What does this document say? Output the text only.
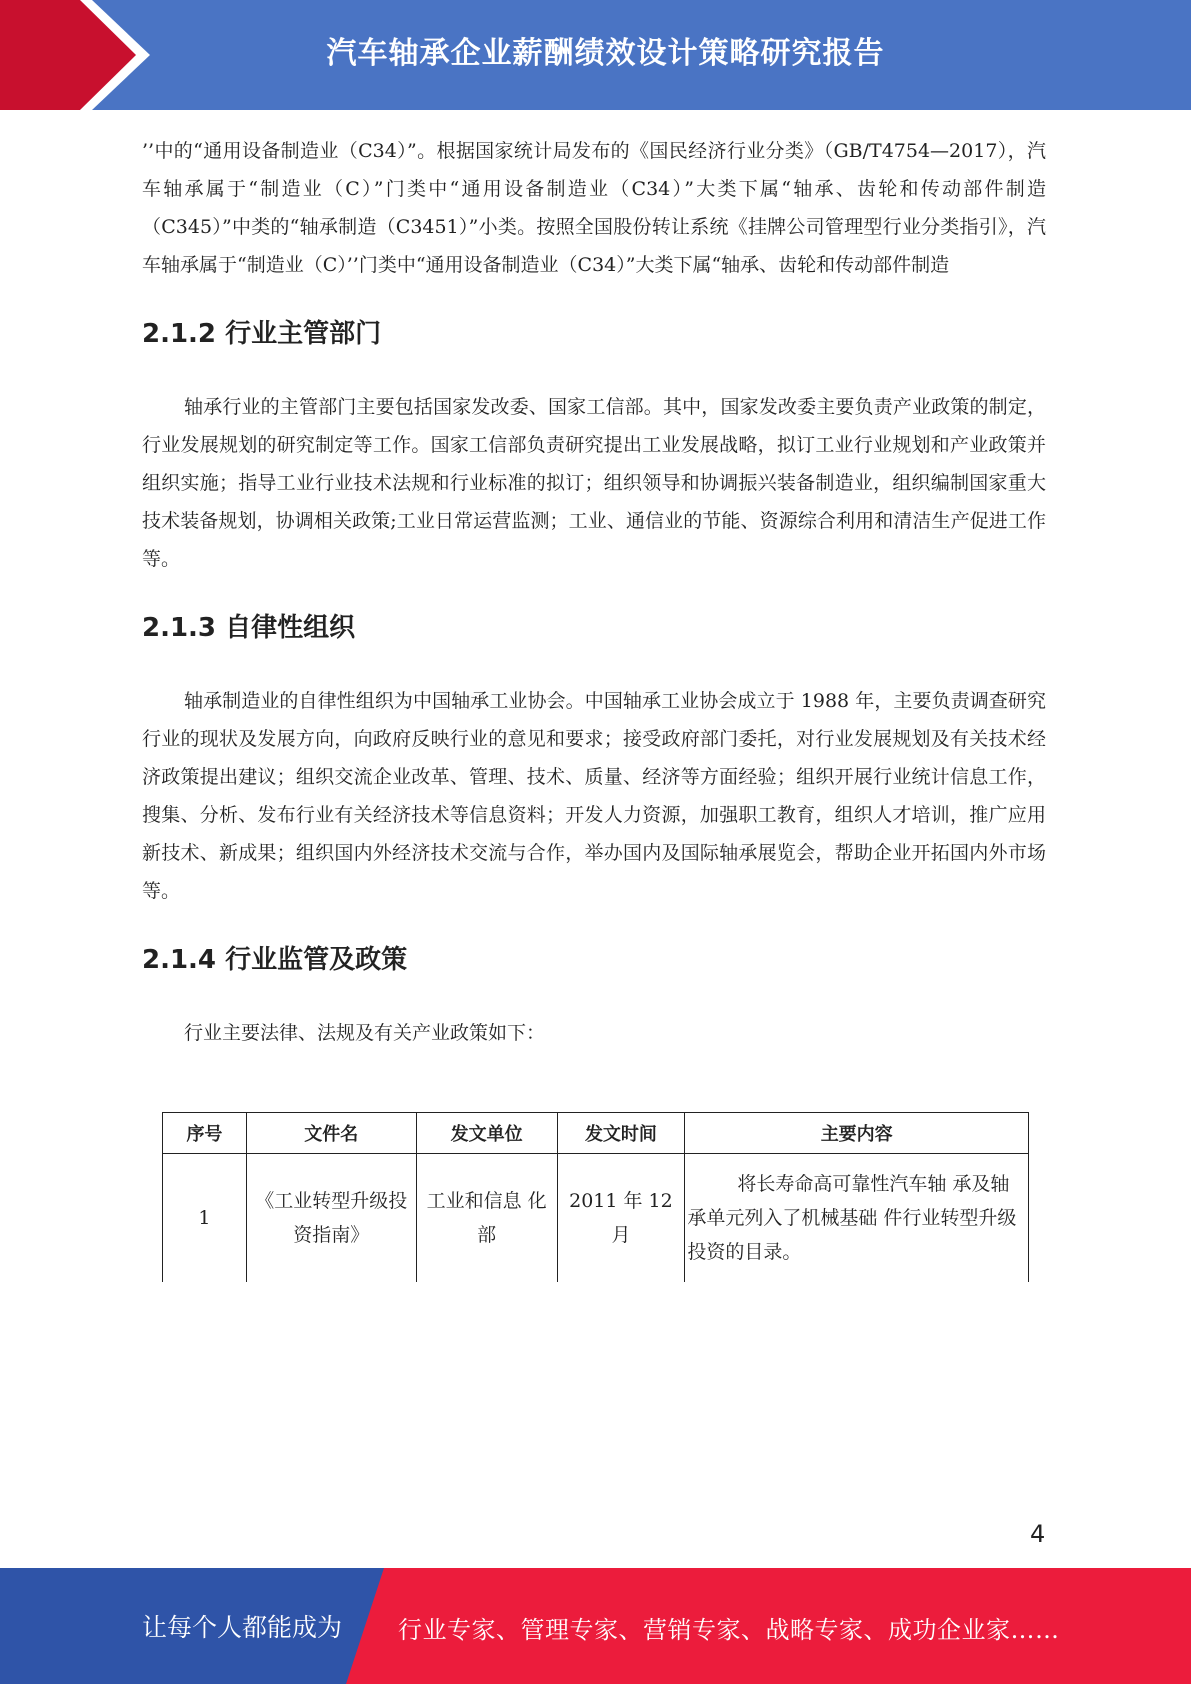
汽车轴承企业薪酬绩效设计策略研究报告

’’中的“通用设备制造业（C34）”。根据国家统计局发布的《国民经济行业分类》（GB/T4754—2017），汽车轴承属于“制造业（C）”门类中“通用设备制造业（C34）”大类下属“轴承、齿轮和传动部件制造（C345）”中类的“轴承制造（C3451）”小类。按照全国股份转让系统《挂牌公司管理型行业分类指引》，汽车轴承属于“制造业（C）’’门类中“通用设备制造业（C34）”大类下属“轴承、齿轮和传动部件制造

2.1.2 行业主管部门

轴承行业的主管部门主要包括国家发改委、国家工信部。其中，国家发改委主要负责产业政策的制定，行业发展规划的研究制定等工作。国家工信部负责研究提出工业发展战略，拟订工业行业规划和产业政策并组织实施；指导工业行业技术法规和行业标准的拟订；组织领导和协调振兴装备制造业，组织编制国家重大技术装备规划，协调相关政策;工业日常运营监测；工业、通信业的节能、资源综合利用和清洁生产促进工作等。

2.1.3 自律性组织

轴承制造业的自律性组织为中国轴承工业协会。中国轴承工业协会成立于 1988 年，主要负责调查研究行业的现状及发展方向，向政府反映行业的意见和要求；接受政府部门委托，对行业发展规划及有关技术经济政策提出建议；组织交流企业改革、管理、技术、质量、经济等方面经验；组织开展行业统计信息工作，搜集、分析、发布行业有关经济技术等信息资料；开发人力资源，加强职工教育，组织人才培训，推广应用新技术、新成果；组织国内外经济技术交流与合作，举办国内及国际轴承展览会，帮助企业开拓国内外市场等。

2.1.4 行业监管及政策

行业主要法律、法规及有关产业政策如下：

序号	文件名	发文单位	发文时间	主要内容
1	《工业转型升级投资指南》	工业和信息 化部	2011 年 12 月	将长寿命高可靠性汽车轴 承及轴承单元列入了机械基础 件行业转型升级投资的目录。
4
让每个人都能成为 行业专家、管理专家、营销专家、战略专家、成功企业家……
